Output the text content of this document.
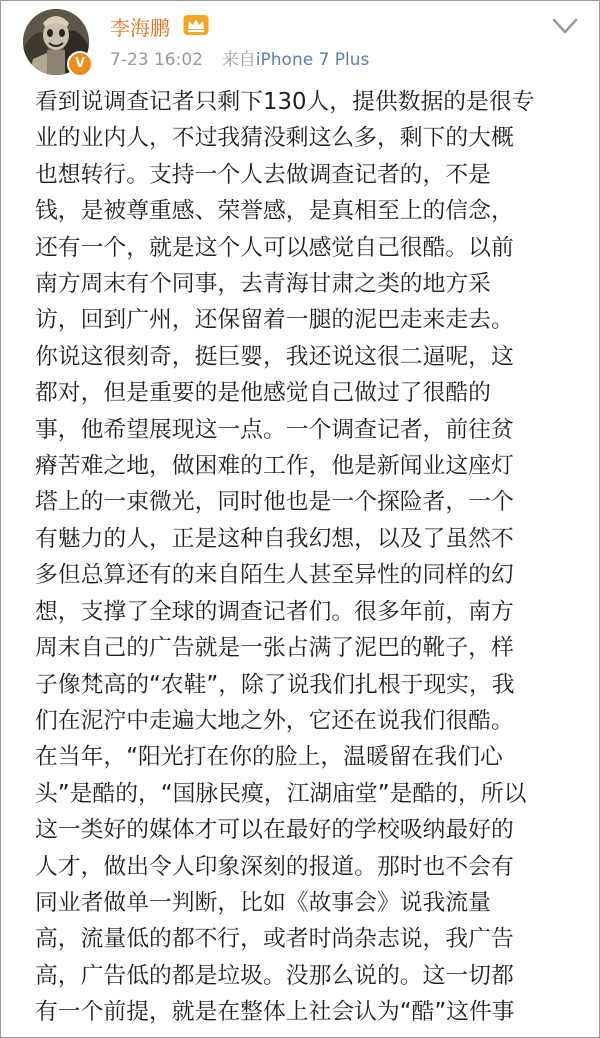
V
李海鹏
7-23 16:02 来自iPhone 7 Plus
看到说调查记者只剩下130人，提供数据的是很专
业的业内人，不过我猜没剩这么多，剩下的大概
也想转行。支持一个人去做调查记者的，不是
钱，是被尊重感、荣誉感，是真相至上的信念，
还有一个，就是这个人可以感觉自己很酷。以前
南方周末有个同事，去青海甘肃之类的地方采
访，回到广州，还保留着一腿的泥巴走来走去。
你说这很刻奇，挺巨婴，我还说这很二逼呢，这
都对，但是重要的是他感觉自己做过了很酷的
事，他希望展现这一点。一个调查记者，前往贫
瘠苦难之地，做困难的工作，他是新闻业这座灯
塔上的一束微光，同时他也是一个探险者，一个
有魅力的人，正是这种自我幻想，以及了虽然不
多但总算还有的来自陌生人甚至异性的同样的幻
想，支撑了全球的调查记者们。很多年前，南方
周末自己的广告就是一张占满了泥巴的靴子，样
子像梵高的“农鞋”，除了说我们扎根于现实，我
们在泥泞中走遍大地之外，它还在说我们很酷。
在当年，“阳光打在你的脸上，温暖留在我们心
头”是酷的，“国脉民瘼，江湖庙堂”是酷的，所以
这一类好的媒体才可以在最好的学校吸纳最好的
人才，做出令人印象深刻的报道。那时也不会有
同业者做单一判断，比如《故事会》说我流量
高，流量低的都不行，或者时尚杂志说，我广告
高，广告低的都是垃圾。没那么说的。这一切都
有一个前提，就是在整体上社会认为“酷”这件事
